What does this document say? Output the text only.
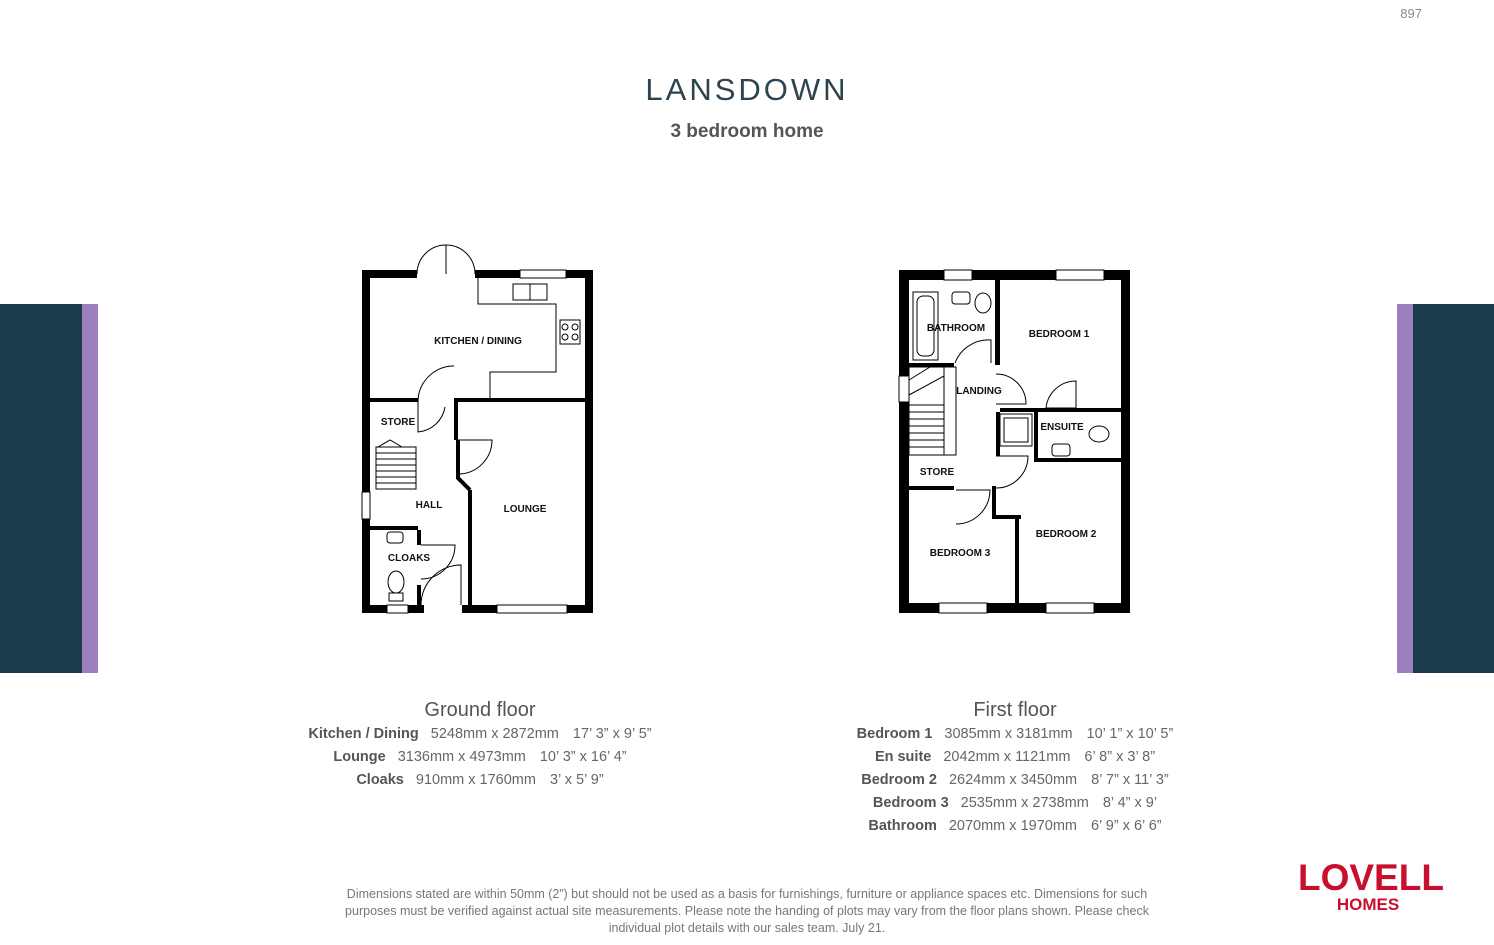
897
LANSDOWN
3 bedroom home
KITCHEN / DINING
STORE
HALL	LOUNGE
CLOAKS
BATHROOM
BEDROOM 1
LANDING
ENSUITE
STORE
BEDROOM 2
BEDROOM 3
Ground floor
Kitchen / Dining 5248mm x 2872mm 17’ 3” x 9’ 5”
Lounge 3136mm x 4973mm 10’ 3” x 16’ 4”
Cloaks 910mm x 1760mm 3’ x 5’ 9”
First floor
Bedroom 1 3085mm x 3181mm 10’ 1” x 10’ 5”
En suite 2042mm x 1121mm 6’ 8” x 3’ 8”
Bedroom 2 2624mm x 3450mm 8’ 7” x 11’ 3”
Bedroom 3 2535mm x 2738mm 8’ 4” x 9’
Bathroom 2070mm x 1970mm 6’ 9” x 6’ 6”
Dimensions stated are within 50mm (2”) but should not be used as a basis for furnishings, furniture or appliance spaces etc. Dimensions for such purposes must be verified against actual site measurements. Please note the handing of plots may vary from the floor plans shown. Please check individual plot details with our sales team. July 21.
LOVELL
HOMES
